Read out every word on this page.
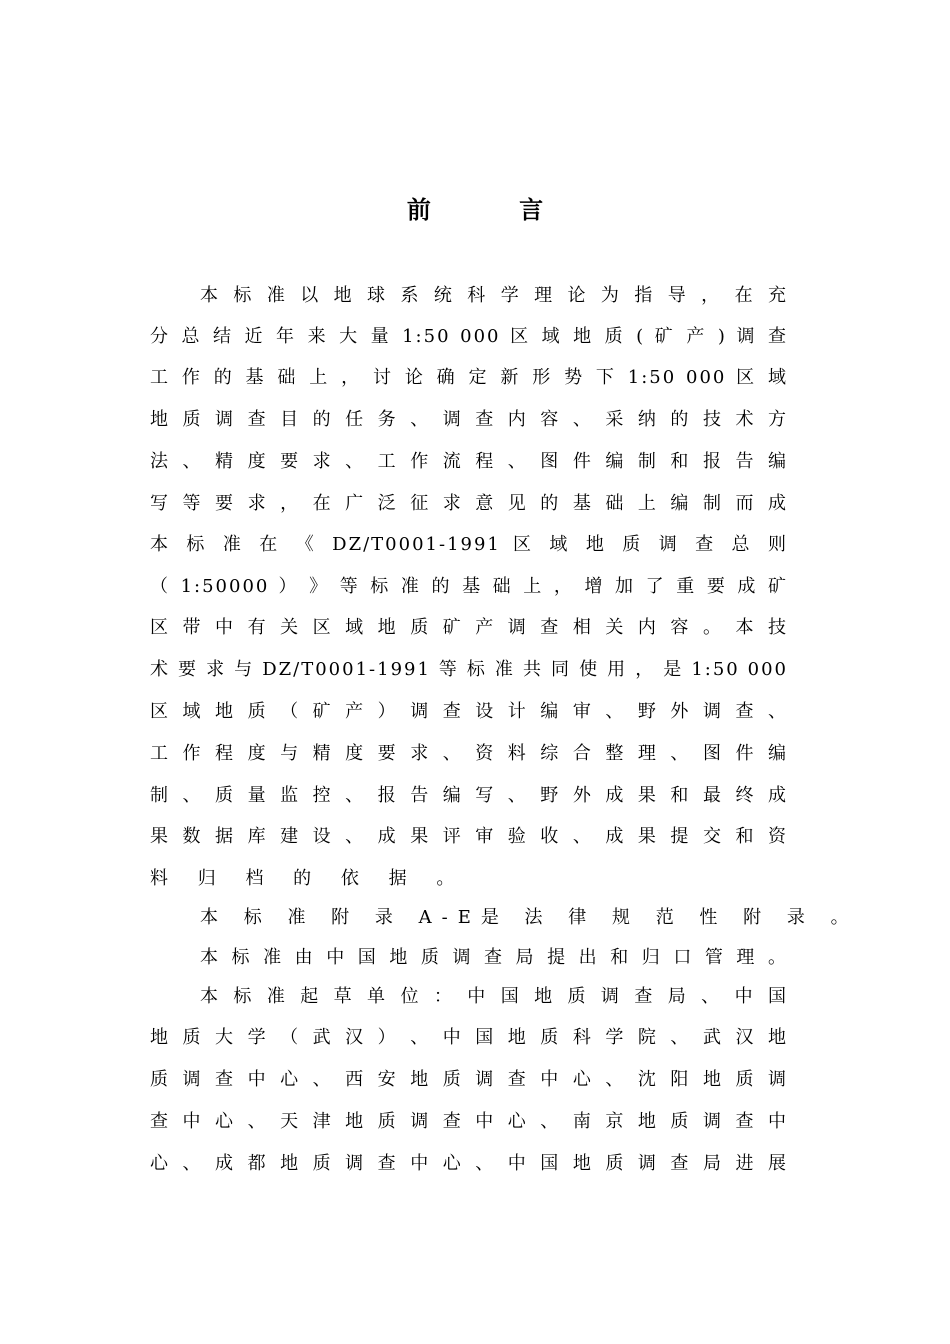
前 言
本 标 准 以 地 球 系 统 科 学 理 论 为 指 导 ， 在 充
分 总 结 近 年 来 大 量 1:50 000 区 域 地 质 ( 矿 产 ) 调 查
工 作 的 基 础 上 ， 讨 论 确 定 新 形 势 下 1:50 000 区 域
地 质 调 查 目 的 任 务 、 调 查 内 容 、 采 纳 的 技 术 方
法 、 精 度 要 求 、 工 作 流 程 、 图 件 编 制 和 报 告 编
写 等 要 求 ， 在 广 泛 征 求 意 见 的 基 础 上 编 制 而 成
本 标 准 在 《 DZ/T0001-1991 区 域 地 质 调 查 总 则
（ 1:50000 ） 》 等 标 准 的 基 础 上 ， 增 加 了 重 要 成 矿
区 带 中 有 关 区 域 地 质 矿 产 调 查 相 关 内 容 。 本 技
术 要 求 与 DZ/T0001-1991 等 标 准 共 同 使 用 ， 是 1:50 000
区 域 地 质 （ 矿 产 ） 调 查 设 计 编 审 、 野 外 调 查 、
工 作 程 度 与 精 度 要 求 、 资 料 综 合 整 理 、 图 件 编
制 、 质 量 监 控 、 报 告 编 写 、 野 外 成 果 和 最 终 成
果 数 据 库 建 设 、 成 果 评 审 验 收 、 成 果 提 交 和 资
料 归 档 的 依 据 。
本 标 准 附 录 A-E是 法 律 规 范 性 附 录 。
本 标 准 由 中 国 地 质 调 查 局 提 出 和 归 口 管 理 。
本 标 准 起 草 单 位 ： 中 国 地 质 调 查 局 、 中 国
地 质 大 学 （ 武 汉 ） 、 中 国 地 质 科 学 院 、 武 汉 地
质 调 查 中 心 、 西 安 地 质 调 查 中 心 、 沈 阳 地 质 调
查 中 心 、 天 津 地 质 调 查 中 心 、 南 京 地 质 调 查 中
心 、 成 都 地 质 调 查 中 心 、 中 国 地 质 调 查 局 进 展
